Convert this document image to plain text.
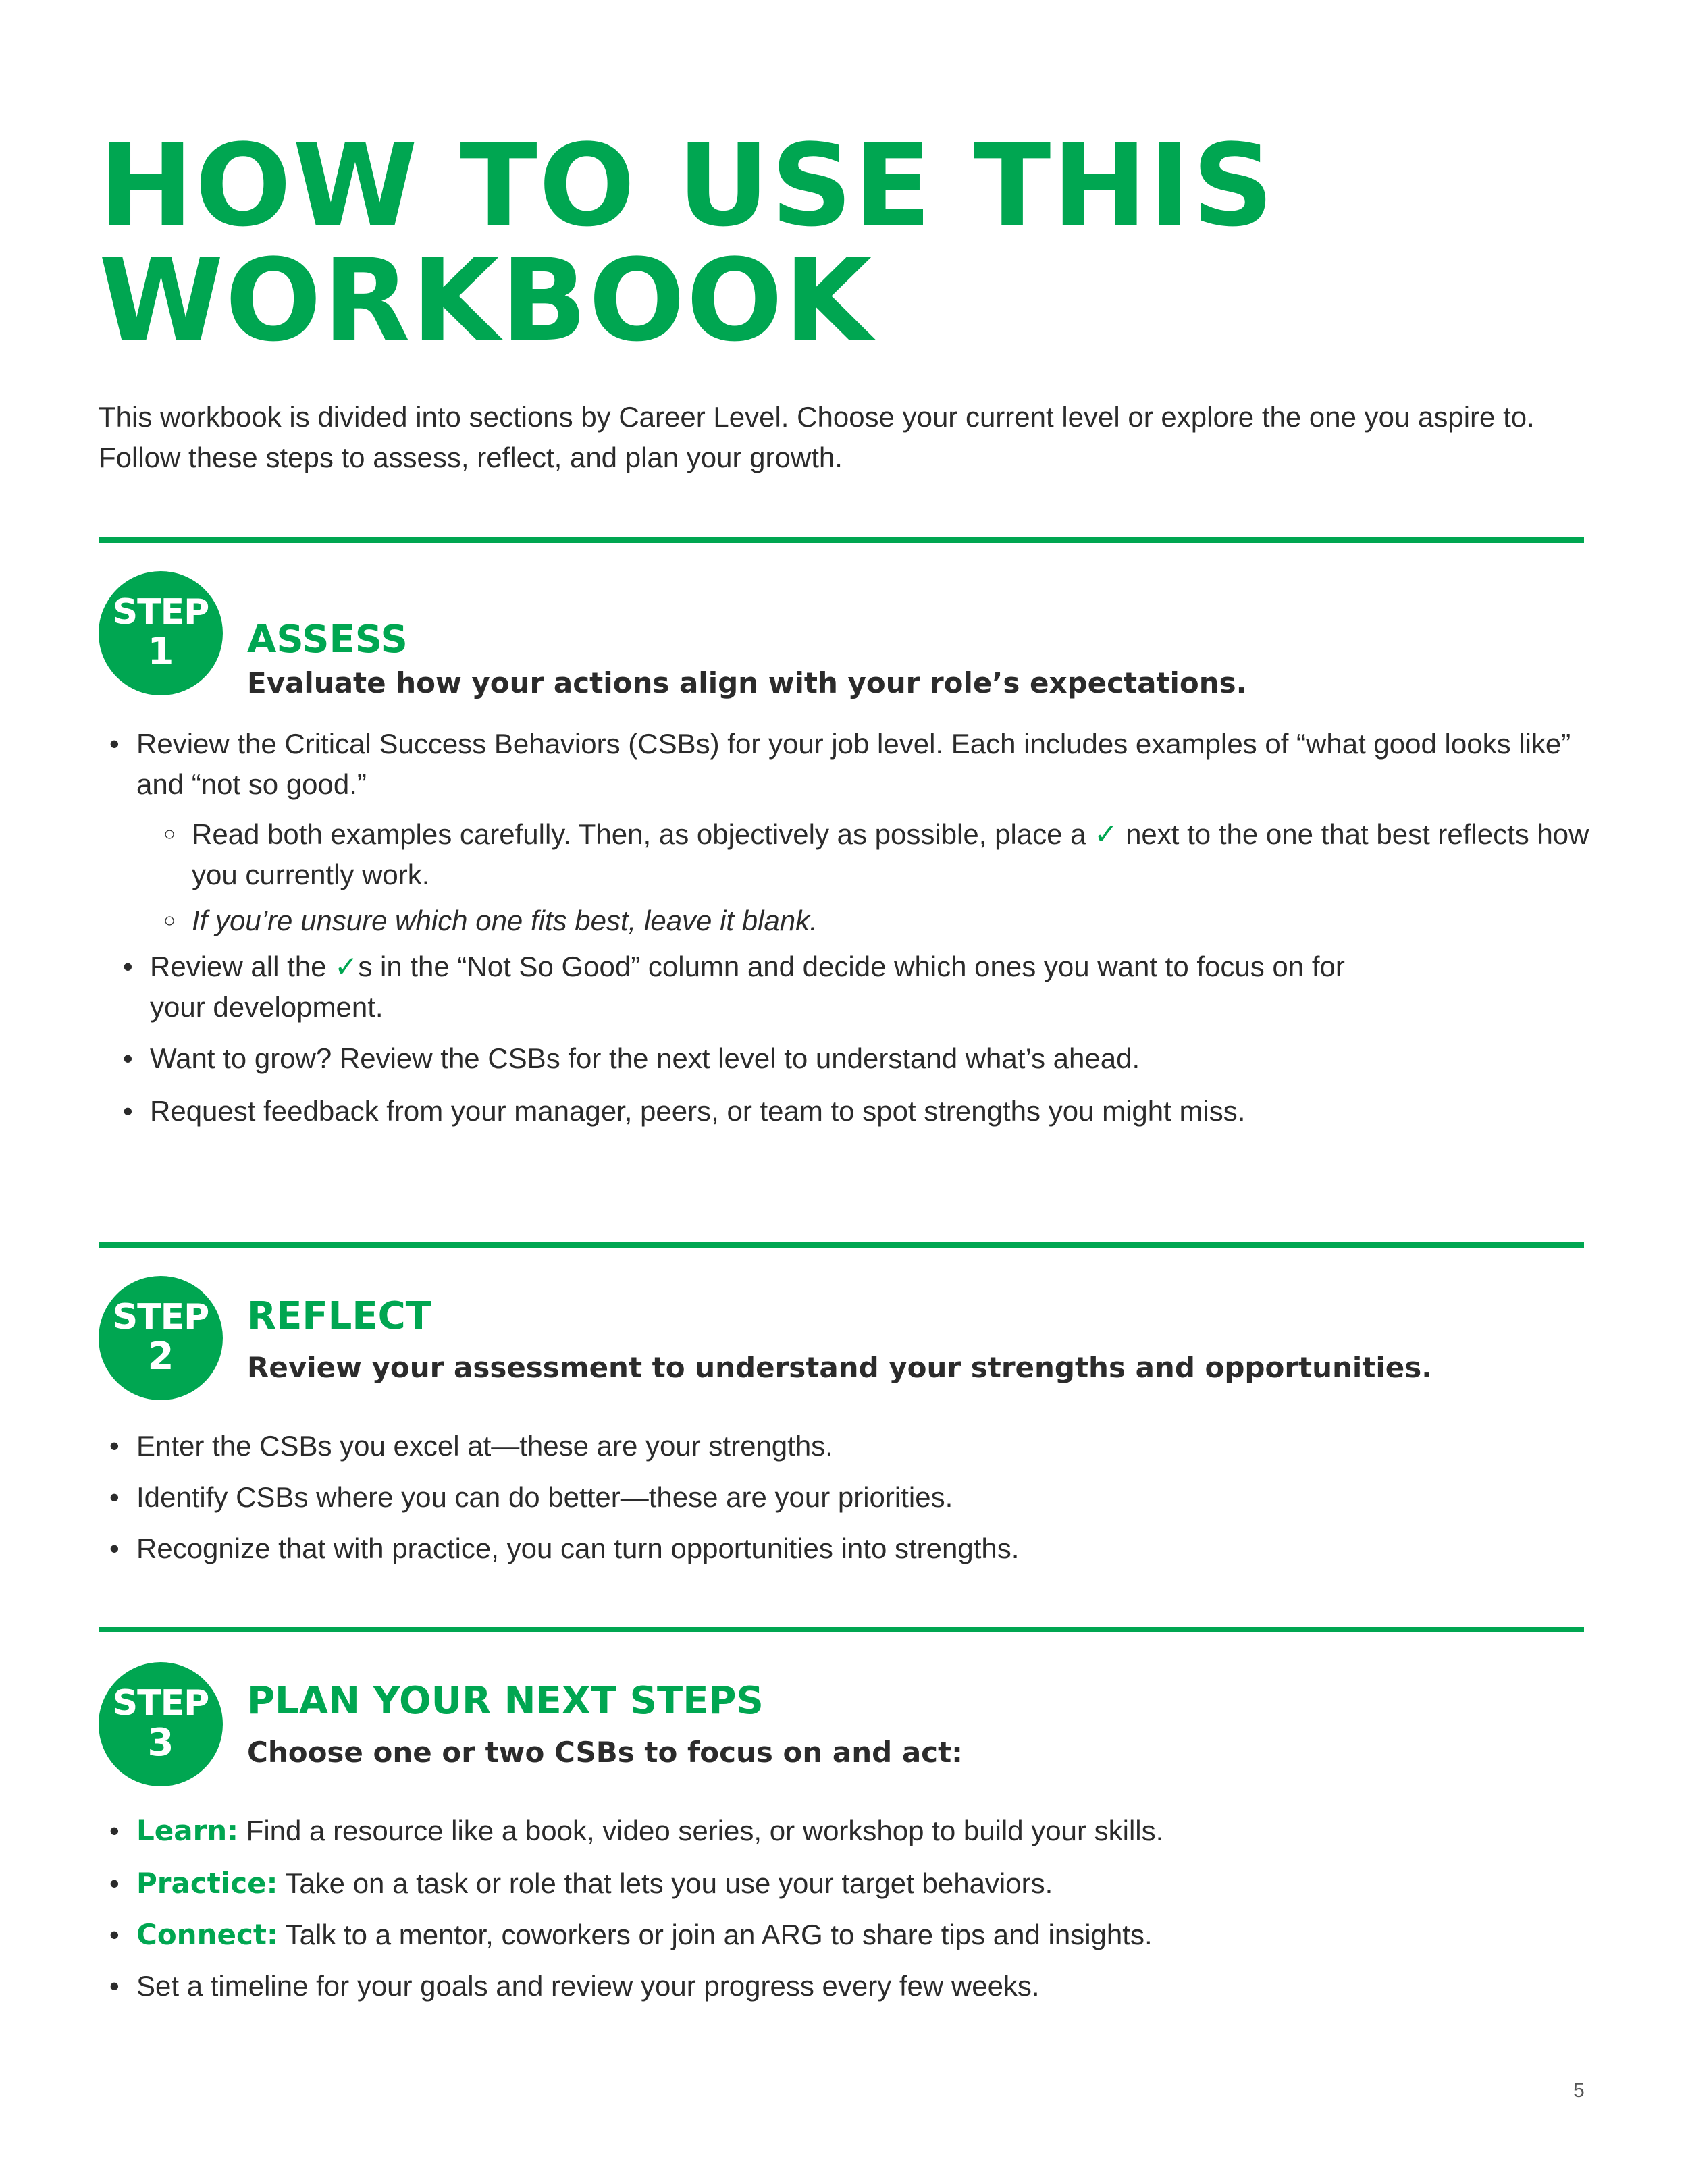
HOW TO USE THIS
WORKBOOK
This workbook is divided into sections by Career Level. Choose your current level or explore the one you aspire to.
Follow these steps to assess, reflect, and plan your growth.
STEP
1	ASSESS
Evaluate how your actions align with your role’s expectations.
• Review the Critical Success Behaviors (CSBs) for your job level. Each includes examples of “what good looks like”
and “not so good.”
○ Read both examples carefully. Then, as objectively as possible, place a ✓ next to the one that best reflects how
you currently work.
○ If you’re unsure which one fits best, leave it blank.
• Review all the ✓s in the “Not So Good” column and decide which ones you want to focus on for
your development.
• Want to grow? Review the CSBs for the next level to understand what’s ahead.
• Request feedback from your manager, peers, or team to spot strengths you might miss.
STEP
2
REFLECT
Review your assessment to understand your strengths and opportunities.
• Enter the CSBs you excel at—these are your strengths.
• Identify CSBs where you can do better—these are your priorities.
• Recognize that with practice, you can turn opportunities into strengths.
STEP
3
PLAN YOUR NEXT STEPS
Choose one or two CSBs to focus on and act:
• Learn: Find a resource like a book, video series, or workshop to build your skills.
• Practice: Take on a task or role that lets you use your target behaviors.
• Connect: Talk to a mentor, coworkers or join an ARG to share tips and insights.
• Set a timeline for your goals and review your progress every few weeks.
5
